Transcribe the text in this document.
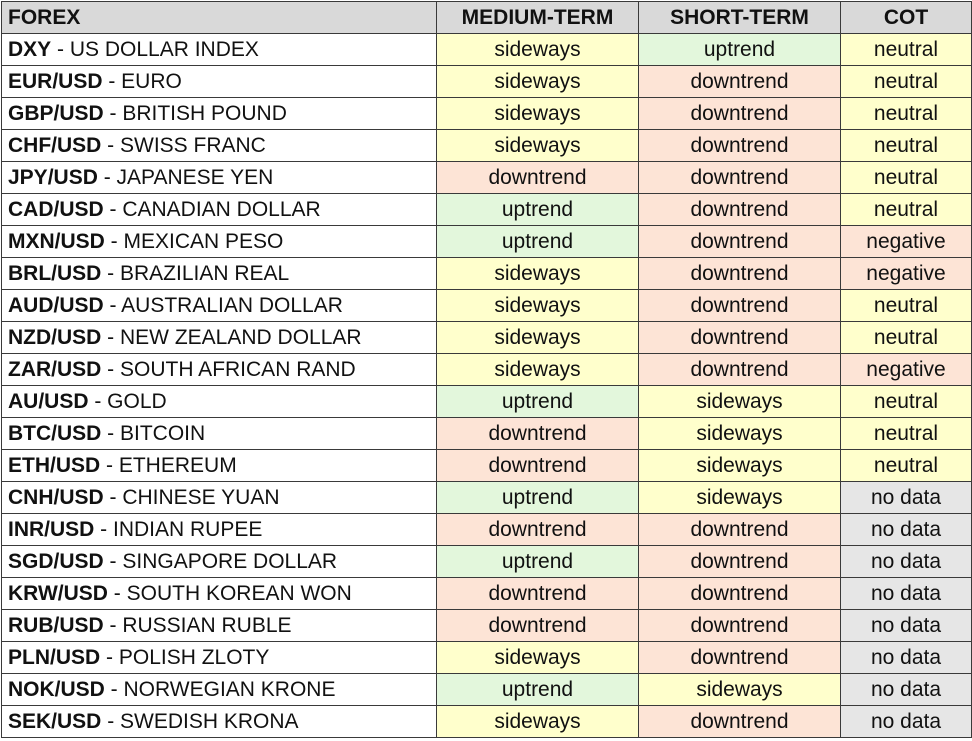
FOREX	MEDIUM-TERM	SHORT-TERM	COT
DXY - US DOLLAR INDEX	sideways	uptrend	neutral
EUR/USD - EURO	sideways	downtrend	neutral
GBP/USD - BRITISH POUND	sideways	downtrend	neutral
CHF/USD - SWISS FRANC	sideways	downtrend	neutral
JPY/USD - JAPANESE YEN	downtrend	downtrend	neutral
CAD/USD - CANADIAN DOLLAR	uptrend	downtrend	neutral
MXN/USD - MEXICAN PESO	uptrend	downtrend	negative
BRL/USD - BRAZILIAN REAL	sideways	downtrend	negative
AUD/USD - AUSTRALIAN DOLLAR	sideways	downtrend	neutral
NZD/USD - NEW ZEALAND DOLLAR	sideways	downtrend	neutral
ZAR/USD - SOUTH AFRICAN RAND	sideways	downtrend	negative
AU/USD - GOLD	uptrend	sideways	neutral
BTC/USD - BITCOIN	downtrend	sideways	neutral
ETH/USD - ETHEREUM	downtrend	sideways	neutral
CNH/USD - CHINESE YUAN	uptrend	sideways	no data
INR/USD - INDIAN RUPEE	downtrend	downtrend	no data
SGD/USD - SINGAPORE DOLLAR	uptrend	downtrend	no data
KRW/USD - SOUTH KOREAN WON	downtrend	downtrend	no data
RUB/USD - RUSSIAN RUBLE	downtrend	downtrend	no data
PLN/USD - POLISH ZLOTY	sideways	downtrend	no data
NOK/USD - NORWEGIAN KRONE	uptrend	sideways	no data
SEK/USD - SWEDISH KRONA	sideways	downtrend	no data
